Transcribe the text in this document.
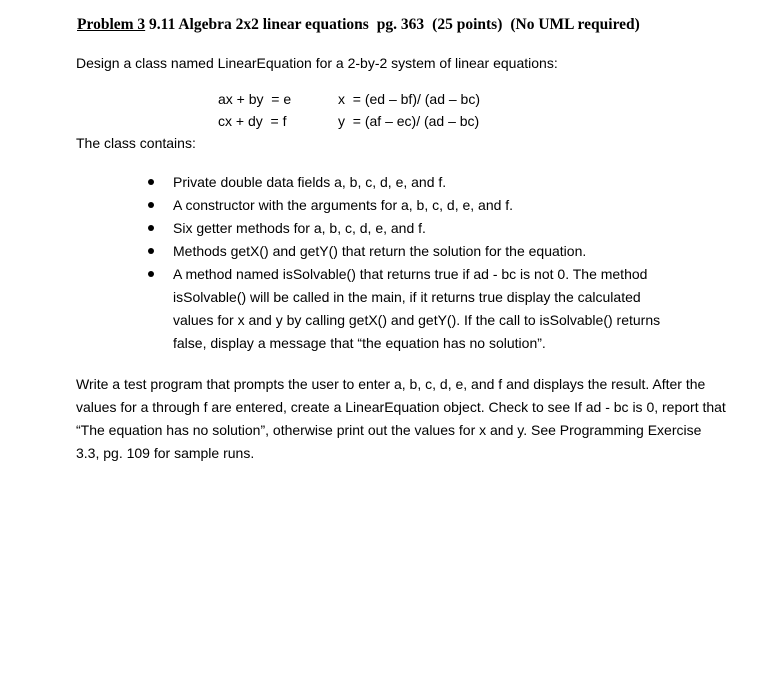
Problem 3 9.11 Algebra 2x2 linear equations pg. 363 (25 points) (No UML required)
Design a class named LinearEquation for a 2-by-2 system of linear equations:
ax + by  = e
cx + dy  = f
x  = (ed – bf)/ (ad – bc)
y  = (af – ec)/ (ad – bc)
The class contains:
Private double data fields a, b, c, d, e, and f.
A constructor with the arguments for a, b, c, d, e, and f.
Six getter methods for a, b, c, d, e, and f.
Methods getX() and getY() that return the solution for the equation.
A method named isSolvable() that returns true if ad - bc is not 0. The method isSolvable() will be called in the main, if it returns true display the calculated values for x and y by calling getX() and getY(). If the call to isSolvable() returns false, display a message that “the equation has no solution”.

Write a test program that prompts the user to enter a, b, c, d, e, and f and displays the result. After the values for a through f are entered, create a LinearEquation object. Check to see If ad - bc is 0, report that “The equation has no solution”, otherwise print out the values for x and y. See Programming Exercise 3.3, pg. 109 for sample runs.
